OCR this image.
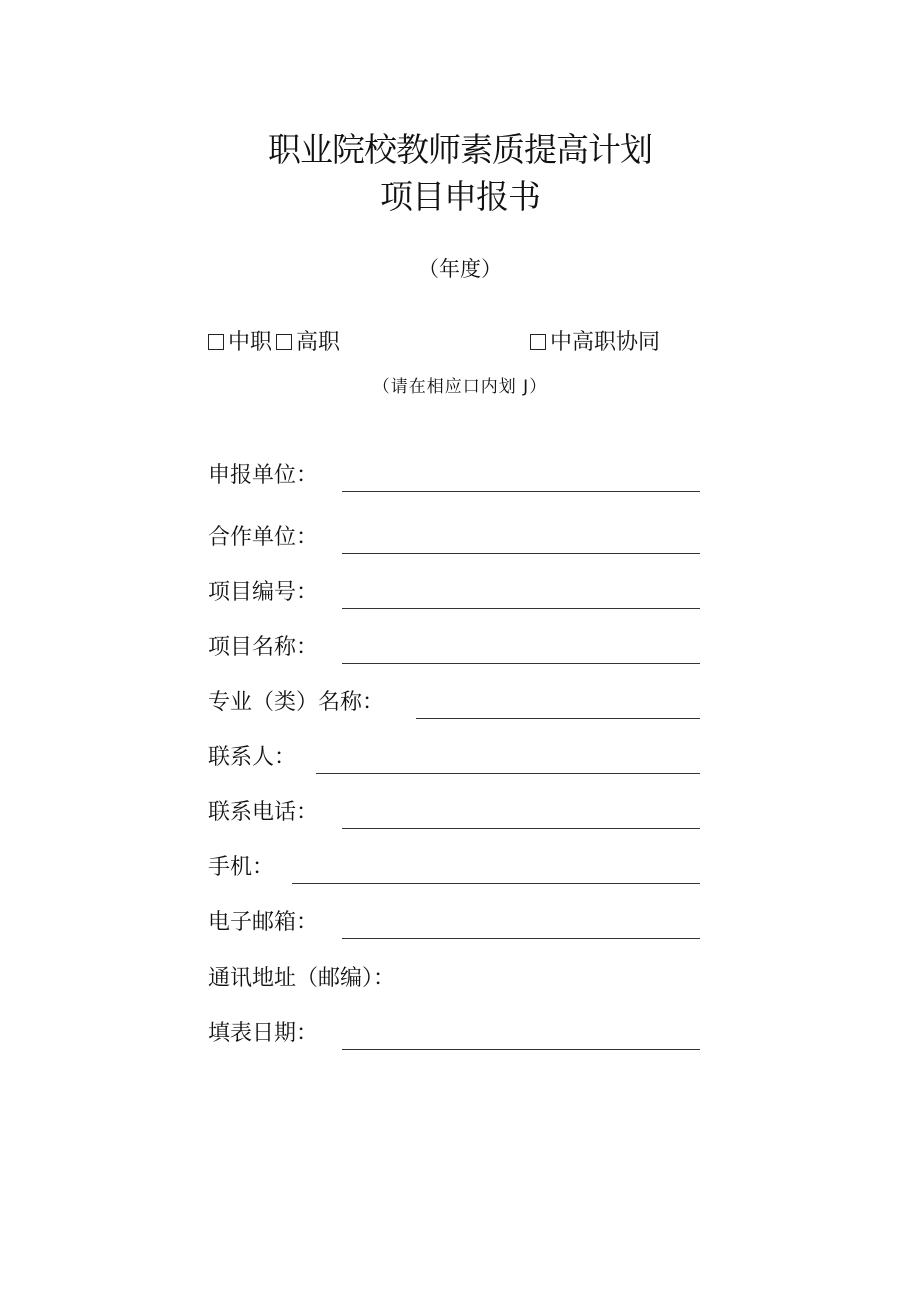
职业院校教师素质提高计划
项目申报书
（年度）
中职 高职	中高职协同
（请在相应口内划 J）
申报单位：
合作单位：
项目编号：
项目名称：
专业（类）名称：
联系人：
联系电话：
手机：
电子邮箱：
通讯地址（邮编）：
填表日期：
